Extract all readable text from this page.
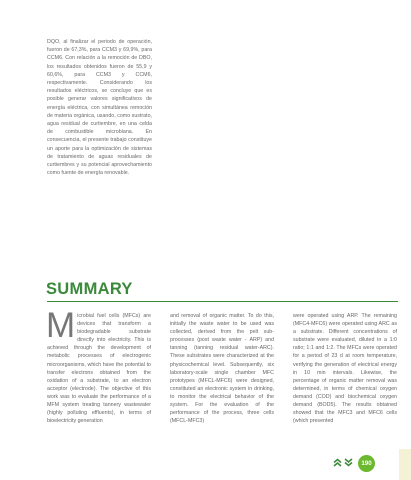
DQO, al finalizar el periodo de operación, fueron de 67,3%, para CCM3 y 69,9%, para CCM6. Con relación a la remoción de DBO, los resultados obtenidos fueron de 55,9 y 60,6%, para CCM3 y CCM6, respectivamente. Considerando los resultados eléctricos, se concluye que es posible generar valores significativos de energía eléctrica, con simultánea remoción de materia orgánica, usando, como sustrato, agua residual de curtiembre, en una celda de combustible microbiana. En consecuencia, el presente trabajo constituye un aporte para la optimización de sistemas de tratamiento de aguas residuales de curtiembres y su potencial aprovechamiento como fuente de energía renovable.

SUMMARY

Microbial fuel cells (MFCs) are devices that transform a biodegradable substrate directly into electricity. This is achieved through the development of metabolic processes of electrogenic microorganisms, which have the potential to transfer electrons obtained from the oxidation of a substrate, to an electron acceptor (electrode). The objective of this work was to evaluate the performance of a MFM system treating tannery wastewater (highly polluting effluents), in terms of bioelectricity generation

and removal of organic matter. To do this, initially the waste water to be used was collected, derived from the pelt sub-processes (post waste water - ARP) and tanning (tanning residual water-ARC). These substrates were characterized at the physicochemical level. Subsequently, six laboratory-scale single chamber MFC prototypes (MFCL-MFC6) were designed, constituted an electronic system in drinking, to monitor the electrical behavior of the system. For the evaluation of the performance of the process, three cells (MFCL-MFC3)

were operated using ARP. The remaining (MFC4-MFC6) were operated using ARC as a substrate. Different concentrations of substrate were evaluated, diluted in a 1:0 ratio; 1:1 and 1:2. The MFCs were operated for a period of 23 d at room temperature, verifying the generation of electrical energy in 10 min intervals. Likewise, the percentage of organic matter removal was determined, in terms of chemical oxygen demand (COD) and biochemical oxygen demand (BOD5). The results obtained showed that the MFC3 and MFC6 cells (which presented

190
